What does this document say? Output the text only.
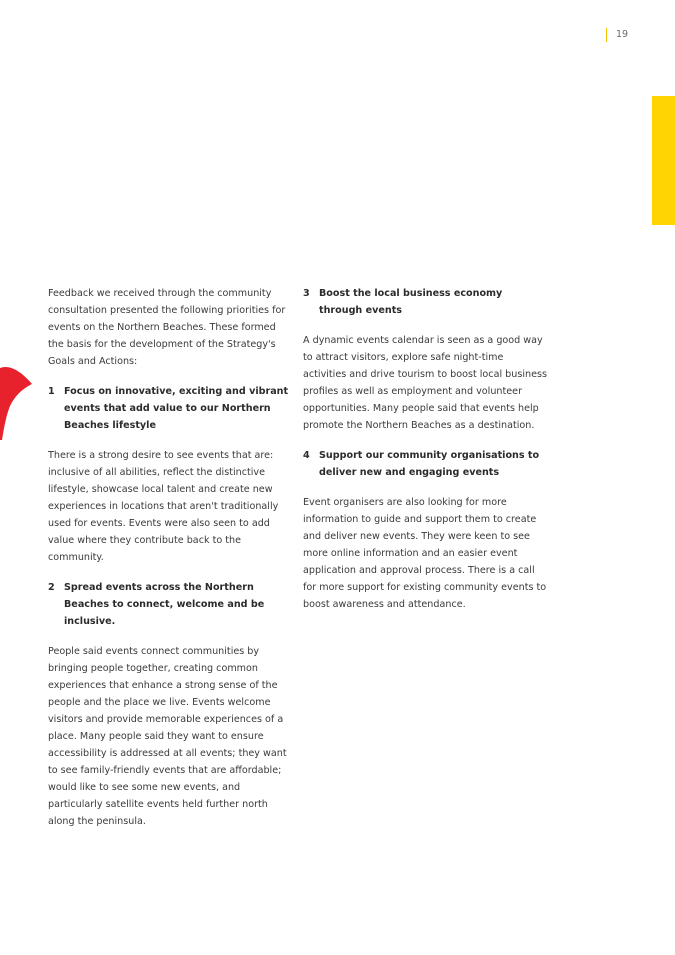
19

Feedback we received through the community consultation presented the following priorities for events on the Northern Beaches. These formed the basis for the development of the Strategy's Goals and Actions:

1 Focus on innovative, exciting and vibrant events that add value to our Northern Beaches lifestyle

There is a strong desire to see events that are: inclusive of all abilities, reflect the distinctive lifestyle, showcase local talent and create new experiences in locations that aren't traditionally used for events. Events were also seen to add value where they contribute back to the community.

2 Spread events across the Northern Beaches to connect, welcome and be inclusive.

People said events connect communities by bringing people together, creating common experiences that enhance a strong sense of the people and the place we live. Events welcome visitors and provide memorable experiences of a place. Many people said they want to ensure accessibility is addressed at all events; they want to see family-friendly events that are affordable; would like to see some new events, and particularly satellite events held further north along the peninsula.

3 Boost the local business economy through events

A dynamic events calendar is seen as a good way to attract visitors, explore safe night-time activities and drive tourism to boost local business profiles as well as employment and volunteer opportunities. Many people said that events help promote the Northern Beaches as a destination.

4 Support our community organisations to deliver new and engaging events

Event organisers are also looking for more information to guide and support them to create and deliver new events. They were keen to see more online information and an easier event application and approval process. There is a call for more support for existing community events to boost awareness and attendance.
